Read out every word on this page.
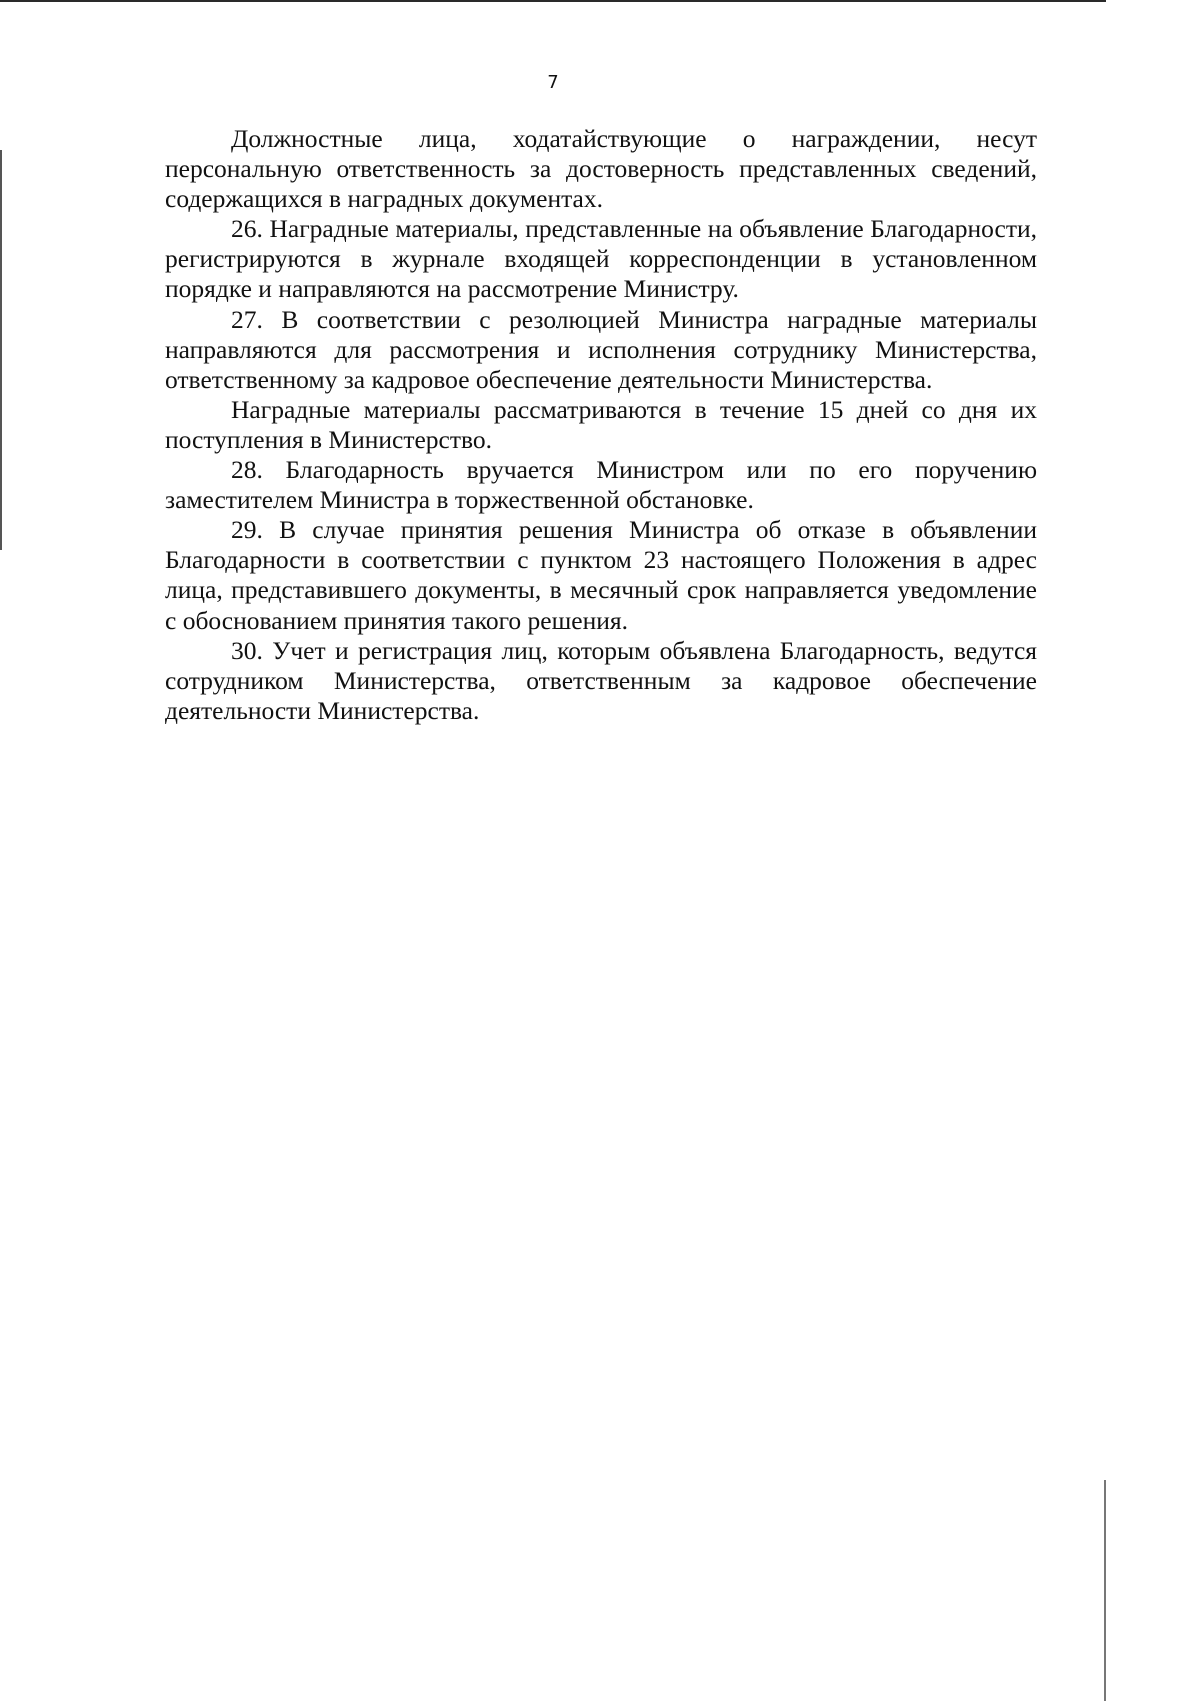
7

Должностные лица, ходатайствующие о награждении, несут персональную ответственность за достоверность представленных сведений, содержащихся в наградных документах.

26. Наградные материалы, представленные на объявление Благодарности, регистрируются в журнале входящей корреспонденции в установленном порядке и направляются на рассмотрение Министру.

27. В соответствии с резолюцией Министра наградные материалы направляются для рассмотрения и исполнения сотруднику Министерства, ответственному за кадровое обеспечение деятельности Министерства.

Наградные материалы рассматриваются в течение 15 дней со дня их поступления в Министерство.

28. Благодарность вручается Министром или по его поручению заместителем Министра в торжественной обстановке.

29. В случае принятия решения Министра об отказе в объявлении Благодарности в соответствии с пунктом 23 настоящего Положения в адрес лица, представившего документы, в месячный срок направляется уведомление с обоснованием принятия такого решения.

30. Учет и регистрация лиц, которым объявлена Благодарность, ведутся сотрудником Министерства, ответственным за кадровое обеспечение деятельности Министерства.
